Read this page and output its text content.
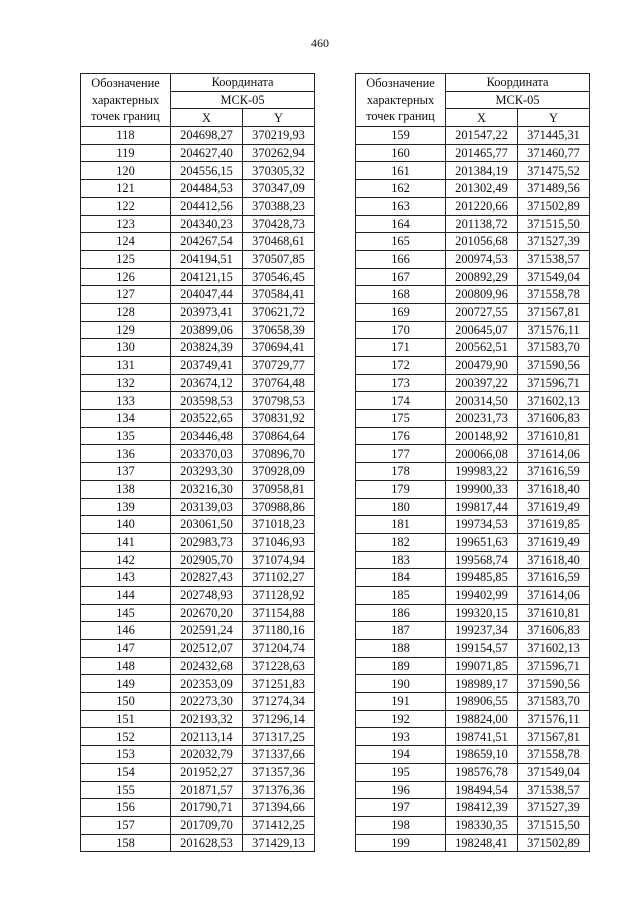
460
Обозначение
характерных
точек границ	Координата	
	МСК-05	
	X	Y
118	204698,27	370219,93
119	204627,40	370262,94
120	204556,15	370305,32
121	204484,53	370347,09
122	204412,56	370388,23
123	204340,23	370428,73
124	204267,54	370468,61
125	204194,51	370507,85
126	204121,15	370546,45
127	204047,44	370584,41
128	203973,41	370621,72
129	203899,06	370658,39
130	203824,39	370694,41
131	203749,41	370729,77
132	203674,12	370764,48
133	203598,53	370798,53
134	203522,65	370831,92
135	203446,48	370864,64
136	203370,03	370896,70
137	203293,30	370928,09
138	203216,30	370958,81
139	203139,03	370988,86
140	203061,50	371018,23
141	202983,73	371046,93
142	202905,70	371074,94
143	202827,43	371102,27
144	202748,93	371128,92
145	202670,20	371154,88
146	202591,24	371180,16
147	202512,07	371204,74
148	202432,68	371228,63
149	202353,09	371251,83
150	202273,30	371274,34
151	202193,32	371296,14
152	202113,14	371317,25
153	202032,79	371337,66
154	201952,27	371357,36
155	201871,57	371376,36
156	201790,71	371394,66
157	201709,70	371412,25
158	201628,53	371429,13
Обозначение
характерных
точек границ	Координата	
	МСК-05	
	X	Y
159	201547,22	371445,31
160	201465,77	371460,77
161	201384,19	371475,52
162	201302,49	371489,56
163	201220,66	371502,89
164	201138,72	371515,50
165	201056,68	371527,39
166	200974,53	371538,57
167	200892,29	371549,04
168	200809,96	371558,78
169	200727,55	371567,81
170	200645,07	371576,11
171	200562,51	371583,70
172	200479,90	371590,56
173	200397,22	371596,71
174	200314,50	371602,13
175	200231,73	371606,83
176	200148,92	371610,81
177	200066,08	371614,06
178	199983,22	371616,59
179	199900,33	371618,40
180	199817,44	371619,49
181	199734,53	371619,85
182	199651,63	371619,49
183	199568,74	371618,40
184	199485,85	371616,59
185	199402,99	371614,06
186	199320,15	371610,81
187	199237,34	371606,83
188	199154,57	371602,13
189	199071,85	371596,71
190	198989,17	371590,56
191	198906,55	371583,70
192	198824,00	371576,11
193	198741,51	371567,81
194	198659,10	371558,78
195	198576,78	371549,04
196	198494,54	371538,57
197	198412,39	371527,39
198	198330,35	371515,50
199	198248,41	371502,89
